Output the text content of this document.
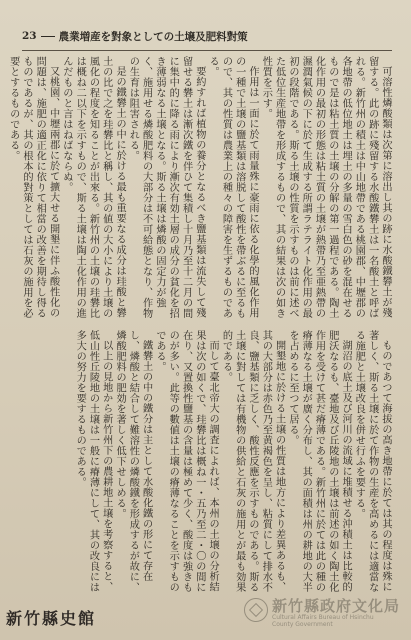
23 農業増産を對象としての土壌及肥料對策

可溶性燐酸類は次第に溶出し其の跡に水酸鐵礬土が殘留する。此の跡に殘留する水酸鐵礬土は一名酸土と呼ばれる。新竹州の積土は中山地帶である桃園郡、中壢郡の各地帶の低位地土は埋土の多量の雪白色の砂を混在せるもので是は粘土質の土壌の分解の第一過程である。陶土化作用の最初の形態は粘土質の土壌が熱帶乃至亜熱帶の濕潤氣候の下に於て生成する所謂ラテライト化作用の最初の段階である。斯る土壌の性質を示すものは前に述べた低位生産地帶を形成するもので、其の結果は次の如き性質を示す。

作用は一面に於て雨量殊に豪雨に依る化學的風化作用の一種で土壌の鹽基類は溶脱して酸性を帶ぶるに至るもので、其の性質は農業上の種々の障害を生ずるものである。

要約すれば植物の養分となるべき鹽基類は流失して殘留せる礬土は漸次鐵を伴ひて集積し十月乃至十二月の間に集中的に降る雨により漸次有効土層の成分の貧化を招き薄弱なる土壌となる。斯る土壌は燐酸の固定力が強く、施用せる燐酸肥料の大部分は不可給態となり、作物の生育は阻害される。

是の鐵礬土の中に於ける最も重要なる成分は珪酸と礬土の比で之を珪礬比と稱し、其の値の大小により土壌の風化の程度を知ることが出來る。新竹州の土壌の珪礬比は概ね二以下を示すもので、斯る土壌は陶土化作用の進んだものと言はねばならぬ。

又桃園、中壢兩郡に於て擴大せる開墾に伴ふ酸性化の問題は、施肥の適正化に依りて相當の改善を期待し得るものであるが、其の根本的對策としては石灰の施用を必要とするものである。

ものであつて海拔の高き地帶に於ては其の程度は殊に著しく、斯る土壌に於て作物の生産を高めるには適當なる施肥と土壌改良を併せ行ふを要する。

湖沼の底土及び河川の流域に堆積せる沖積土は比較的肥沃なるも、臺地及び丘陵地の土壌は前述の如く陶土化作用を受けて甚だ瘠薄である。新竹州に於ては此の種の瘠薄なる土壌が廣く分布し、其の面積は州の耕地の大半を占めるに至つて居る。

開墾地に於ける土壌の性質は地方により差異あるも、其の大部分は赤色乃至黄褐色を呈し、粘質にして排水不良、鹽基類に乏しく、酸性反應を示すものである。斯る土壌に對しては有機物の供給と石灰の施用とが最も効果的である。

而して臺北帝大の調査によれば、本州の土壌の分析結果は次の如くで、珪礬比は概ね一・五乃至二・〇の間に在り、又置換性鹽基の含量は極めて少く、酸度は強きものが多い。此等の數値は土壌の瘠薄なることを示すものである。

鐵礬土の中の鐵分は主として水酸化鐵の形にて存在し、燐酸と結合して難溶性の燐酸鐵を形成するが故に、燐酸肥料の肥効を著しく低下せしめる。

以上の見地から新竹州下の農耕地土壌を考察すると、低山性丘陵地の土壌は一般に瘠薄にして、其の改良には多大の努力を要するものである。

新竹縣史館
新竹縣政府文化局
Cultural Affairs Bureau of Hsinchu
County Government
